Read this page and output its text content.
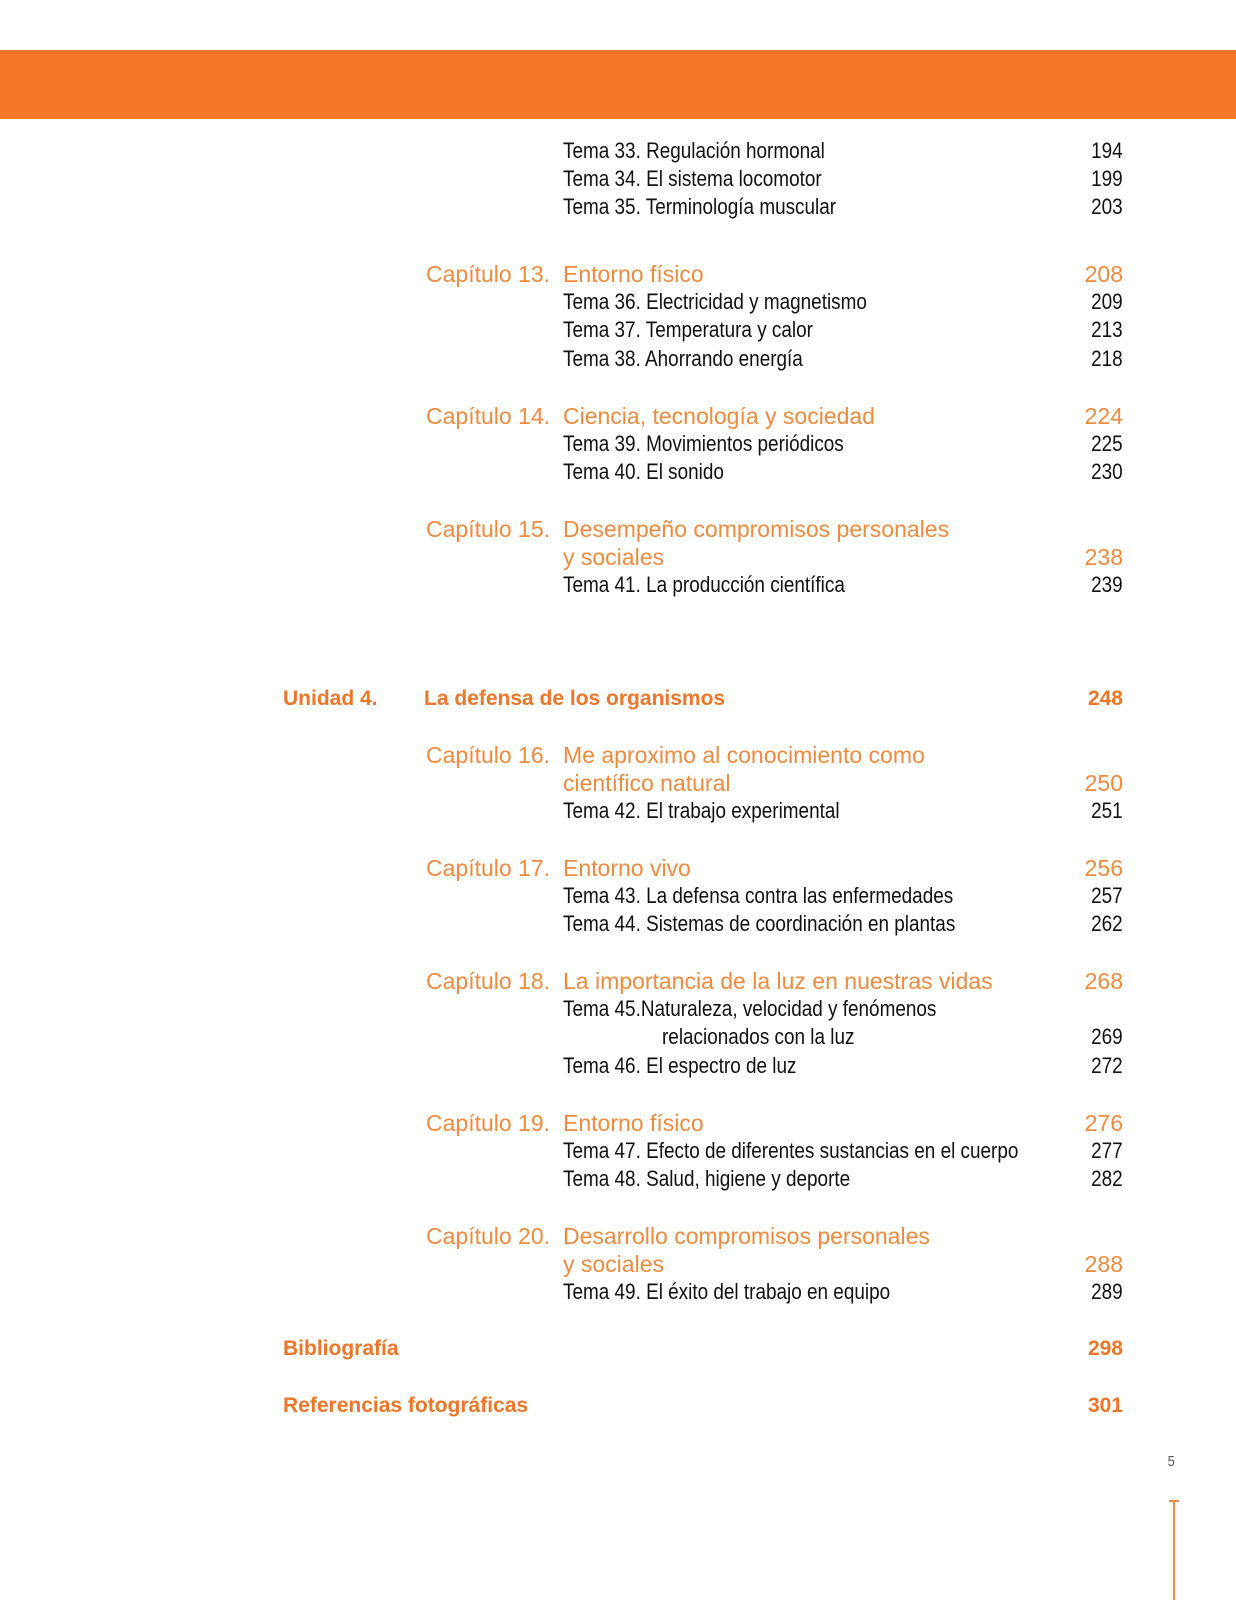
Tema 33. Regulación hormonal	194
Tema 34. El sistema locomotor	199
Tema 35. Terminología muscular	203
Capítulo 13. Entorno físico	208
Tema 36. Electricidad y magnetismo	209
Tema 37. Temperatura y calor	213
Tema 38. Ahorrando energía	218
Capítulo 14. Ciencia, tecnología y sociedad	224
Tema 39. Movimientos periódicos	225
Tema 40. El sonido	230
Capítulo 15. Desempeño compromisos personales
y sociales	238
Tema 41. La producción científica	239
Unidad 4. La defensa de los organismos	248
Capítulo 16. Me aproximo al conocimiento como
científico natural	250
Tema 42. El trabajo experimental	251
Capítulo 17. Entorno vivo	256
Tema 43. La defensa contra las enfermedades	257
Tema 44. Sistemas de coordinación en plantas	262
Capítulo 18. La importancia de la luz en nuestras vidas	268
Tema 45.Naturaleza, velocidad y fenómenos
relacionados con la luz	269
Tema 46. El espectro de luz	272
Capítulo 19. Entorno físico	276
Tema 47. Efecto de diferentes sustancias en el cuerpo	277
Tema 48. Salud, higiene y deporte	282
Capítulo 20. Desarrollo compromisos personales
y sociales	288
Tema 49. El éxito del trabajo en equipo	289
Bibliografía	298
Referencias fotográficas	301
5
